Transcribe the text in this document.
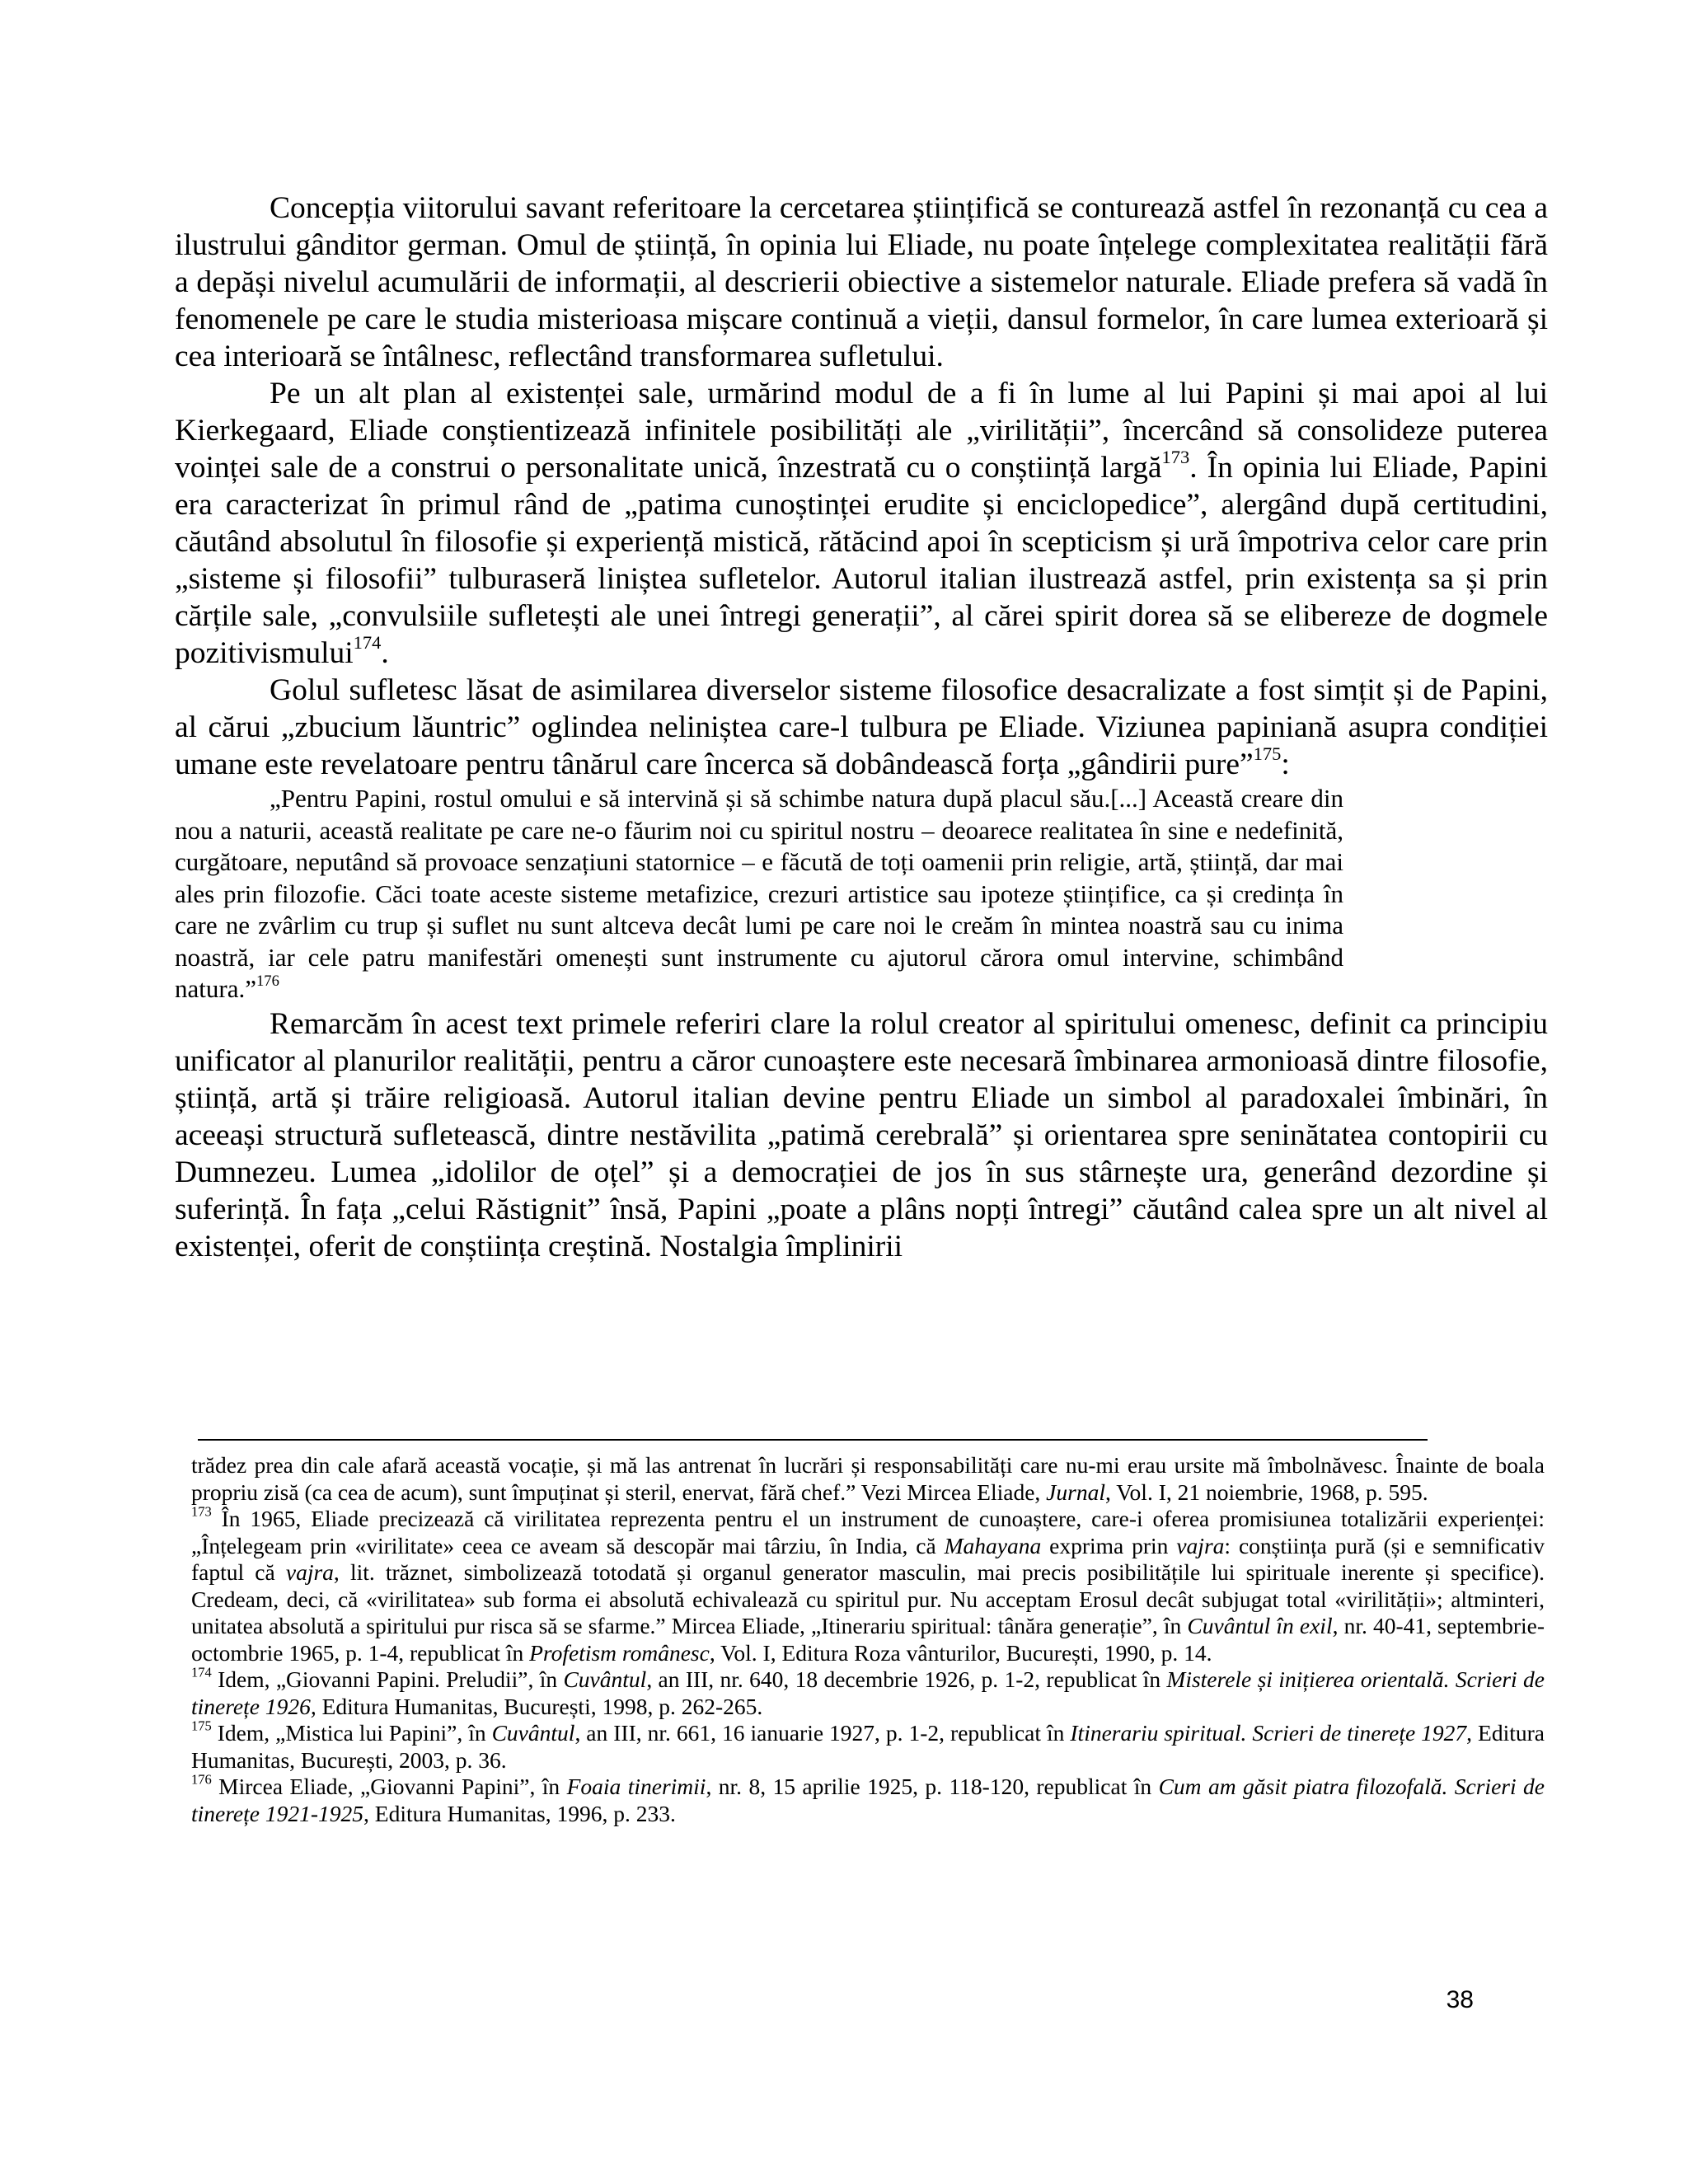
Concepția viitorului savant referitoare la cercetarea științifică se conturează astfel în rezonanță cu cea a ilustrului gânditor german. Omul de știință, în opinia lui Eliade, nu poate înțelege complexitatea realității fără a depăși nivelul acumulării de informații, al descrierii obiective a sistemelor naturale. Eliade prefera să vadă în fenomenele pe care le studia misterioasa mișcare continuă a vieții, dansul formelor, în care lumea exterioară și cea interioară se întâlnesc, reflectând transformarea sufletului.

Pe un alt plan al existenței sale, urmărind modul de a fi în lume al lui Papini și mai apoi al lui Kierkegaard, Eliade conștientizează infinitele posibilități ale „virilității”, încercând să consolideze puterea voinței sale de a construi o personalitate unică, înzestrată cu o conștiință largă$^{173}$. În opinia lui Eliade, Papini era caracterizat în primul rând de „patima cunoștinței erudite și enciclopedice”, alergând după certitudini, căutând absolutul în filosofie și experiență mistică, rătăcind apoi în scepticism și ură împotriva celor care prin „sisteme și filosofii” tulburaseră liniștea sufletelor. Autorul italian ilustrează astfel, prin existența sa și prin cărțile sale, „convulsiile sufletești ale unei întregi generații”, al cărei spirit dorea să se elibereze de dogmele pozitivismului$^{174}$.

Golul sufletesc lăsat de asimilarea diverselor sisteme filosofice desacralizate a fost simțit și de Papini, al cărui „zbucium lăuntric” oglindea neliniștea care-l tulbura pe Eliade. Viziunea papiniană asupra condiției umane este revelatoare pentru tânărul care încerca să dobândească forța „gândirii pure”$^{175}$:

„Pentru Papini, rostul omului e să intervină și să schimbe natura după placul său.[...] Această creare din nou a naturii, această realitate pe care ne-o făurim noi cu spiritul nostru – deoarece realitatea în sine e nedefinită, curgătoare, neputând să provoace senzațiuni statornice – e făcută de toți oamenii prin religie, artă, știință, dar mai ales prin filozofie. Căci toate aceste sisteme metafizice, crezuri artistice sau ipoteze științifice, ca și credința în care ne zvârlim cu trup și suflet nu sunt altceva decât lumi pe care noi le creăm în mintea noastră sau cu inima noastră, iar cele patru manifestări omenești sunt instrumente cu ajutorul cărora omul intervine, schimbând natura.”$^{176}$

Remarcăm în acest text primele referiri clare la rolul creator al spiritului omenesc, definit ca principiu unificator al planurilor realității, pentru a căror cunoaștere este necesară îmbinarea armonioasă dintre filosofie, știință, artă și trăire religioasă. Autorul italian devine pentru Eliade un simbol al paradoxalei îmbinări, în aceeași structură sufletească, dintre nestăvilita „patimă cerebrală” și orientarea spre seninătatea contopirii cu Dumnezeu. Lumea „idolilor de oțel” și a democrației de jos în sus stârnește ura, generând dezordine și suferință. În fața „celui Răstignit” însă, Papini „poate a plâns nopți întregi” căutând calea spre un alt nivel al existenței, oferit de conștiința creștină. Nostalgia împlinirii

trădez prea din cale afară această vocație, și mă las antrenat în lucrări și responsabilități care nu-mi erau ursite mă îmbolnăvesc. Înainte de boala propriu zisă (ca cea de acum), sunt împuținat și steril, enervat, fără chef.” Vezi Mircea Eliade, Jurnal, Vol. I, 21 noiembrie, 1968, p. 595.

$^{173}$ În 1965, Eliade precizează că virilitatea reprezenta pentru el un instrument de cunoaștere, care-i oferea promisiunea totalizării experienței: „Înțelegeam prin «virilitate» ceea ce aveam să descopăr mai târziu, în India, că Mahayana exprima prin vajra: conștiința pură (și e semnificativ faptul că vajra, lit. trăznet, simbolizează totodată și organul generator masculin, mai precis posibilitățile lui spirituale inerente și specifice). Credeam, deci, că «virilitatea» sub forma ei absolută echivalează cu spiritul pur. Nu acceptam Erosul decât subjugat total «virilității»; altminteri, unitatea absolută a spiritului pur risca să se sfarme.” Mircea Eliade, „Itinerariu spiritual: tânăra generație”, în Cuvântul în exil, nr. 40-41, septembrie-octombrie 1965, p. 1-4, republicat în Profetism românesc, Vol. I, Editura Roza vânturilor, București, 1990, p. 14.

$^{174}$ Idem, „Giovanni Papini. Preludii”, în Cuvântul, an III, nr. 640, 18 decembrie 1926, p. 1-2, republicat în Misterele și inițierea orientală. Scrieri de tinerețe 1926, Editura Humanitas, București, 1998, p. 262-265.

$^{175}$ Idem, „Mistica lui Papini”, în Cuvântul, an III, nr. 661, 16 ianuarie 1927, p. 1-2, republicat în Itinerariu spiritual. Scrieri de tinerețe 1927, Editura Humanitas, București, 2003, p. 36.

$^{176}$ Mircea Eliade, „Giovanni Papini”, în Foaia tinerimii, nr. 8, 15 aprilie 1925, p. 118-120, republicat în Cum am găsit piatra filozofală. Scrieri de tinerețe 1921-1925, Editura Humanitas, 1996, p. 233.

38
